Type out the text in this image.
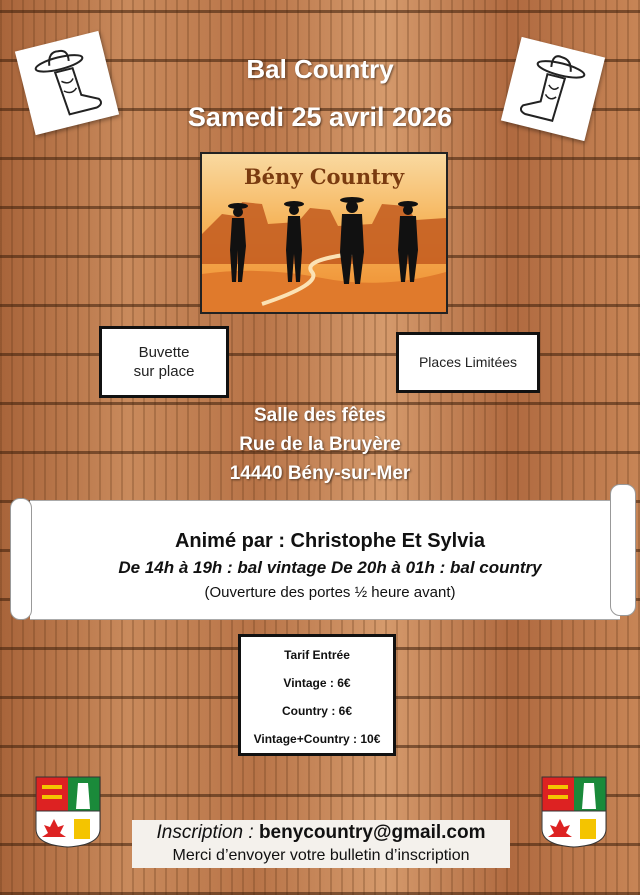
Bal Country
Samedi 25 avril 2026
Bény Country
Buvette
sur place
Places Limitées
Salle des fêtes
Rue de la Bruyère
14440 Bény-sur-Mer
Animé par : Christophe Et Sylvia
De 14h à 19h : bal vintage De 20h à 01h : bal country
(Ouverture des portes ½ heure avant)
Tarif Entrée
Vintage : 6€
Country : 6€
Vintage+Country : 10€
Inscription : benycountry@gmail.com
Merci d’envoyer votre bulletin d’inscription
